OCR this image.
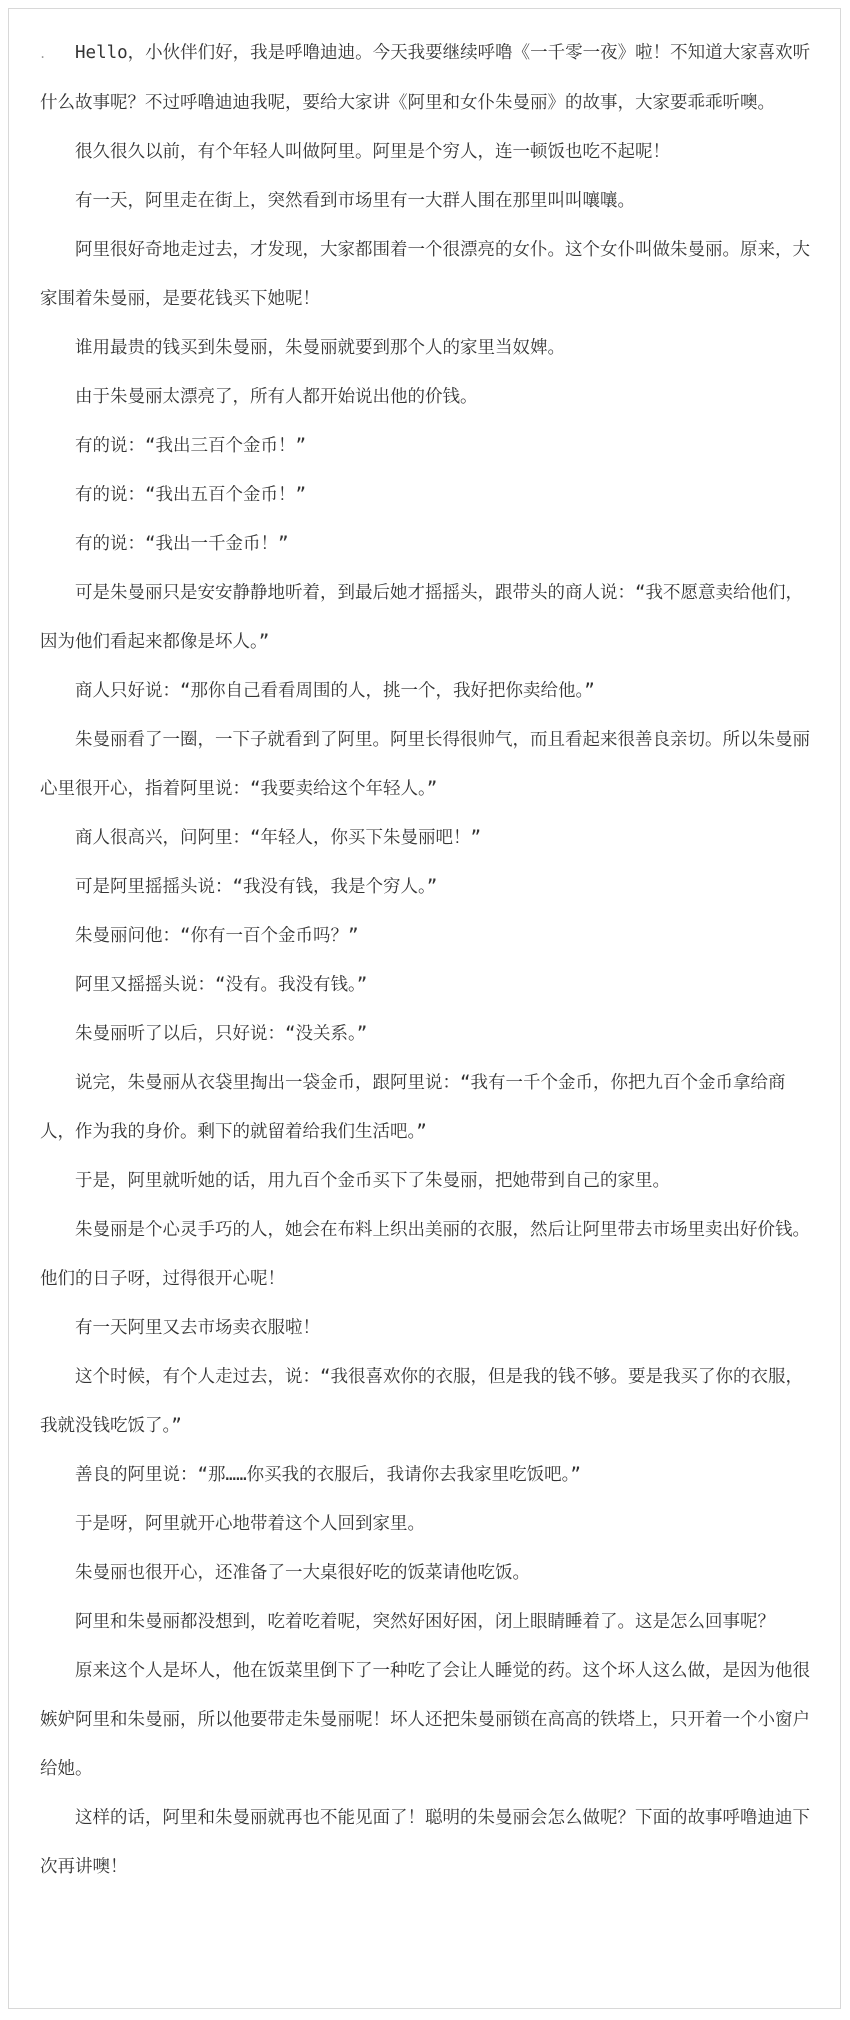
. Hello，小伙伴们好，我是呼噜迪迪。今天我要继续呼噜《一千零一夜》啦！不知道大家喜欢听什么故事呢？不过呼噜迪迪我呢，要给大家讲《阿里和女仆朱曼丽》的故事，大家要乖乖听噢。

很久很久以前，有个年轻人叫做阿里。阿里是个穷人，连一顿饭也吃不起呢！

有一天，阿里走在街上，突然看到市场里有一大群人围在那里叫叫嚷嚷。

阿里很好奇地走过去，才发现，大家都围着一个很漂亮的女仆。这个女仆叫做朱曼丽。原来，大家围着朱曼丽，是要花钱买下她呢！

谁用最贵的钱买到朱曼丽，朱曼丽就要到那个人的家里当奴婢。

由于朱曼丽太漂亮了，所有人都开始说出他的价钱。

有的说：“我出三百个金币！”

有的说：“我出五百个金币！”

有的说：“我出一千金币！”

可是朱曼丽只是安安静静地听着，到最后她才摇摇头，跟带头的商人说：“我不愿意卖给他们，因为他们看起来都像是坏人。”

商人只好说：“那你自己看看周围的人，挑一个，我好把你卖给他。”

朱曼丽看了一圈，一下子就看到了阿里。阿里长得很帅气，而且看起来很善良亲切。所以朱曼丽心里很开心，指着阿里说：“我要卖给这个年轻人。”

商人很高兴，问阿里：“年轻人，你买下朱曼丽吧！”

可是阿里摇摇头说：“我没有钱，我是个穷人。”

朱曼丽问他：“你有一百个金币吗？”

阿里又摇摇头说：“没有。我没有钱。”

朱曼丽听了以后，只好说：“没关系。”

说完，朱曼丽从衣袋里掏出一袋金币，跟阿里说：“我有一千个金币，你把九百个金币拿给商人，作为我的身价。剩下的就留着给我们生活吧。”

于是，阿里就听她的话，用九百个金币买下了朱曼丽，把她带到自己的家里。

朱曼丽是个心灵手巧的人，她会在布料上织出美丽的衣服，然后让阿里带去市场里卖出好价钱。他们的日子呀，过得很开心呢！

有一天阿里又去市场卖衣服啦！

这个时候，有个人走过去，说：“我很喜欢你的衣服，但是我的钱不够。要是我买了你的衣服，我就没钱吃饭了。”

善良的阿里说：“那……你买我的衣服后，我请你去我家里吃饭吧。”

于是呀，阿里就开心地带着这个人回到家里。

朱曼丽也很开心，还准备了一大桌很好吃的饭菜请他吃饭。

阿里和朱曼丽都没想到，吃着吃着呢，突然好困好困，闭上眼睛睡着了。这是怎么回事呢？

原来这个人是坏人，他在饭菜里倒下了一种吃了会让人睡觉的药。这个坏人这么做，是因为他很嫉妒阿里和朱曼丽，所以他要带走朱曼丽呢！坏人还把朱曼丽锁在高高的铁塔上，只开着一个小窗户给她。

这样的话，阿里和朱曼丽就再也不能见面了！聪明的朱曼丽会怎么做呢？下面的故事呼噜迪迪下次再讲噢！
